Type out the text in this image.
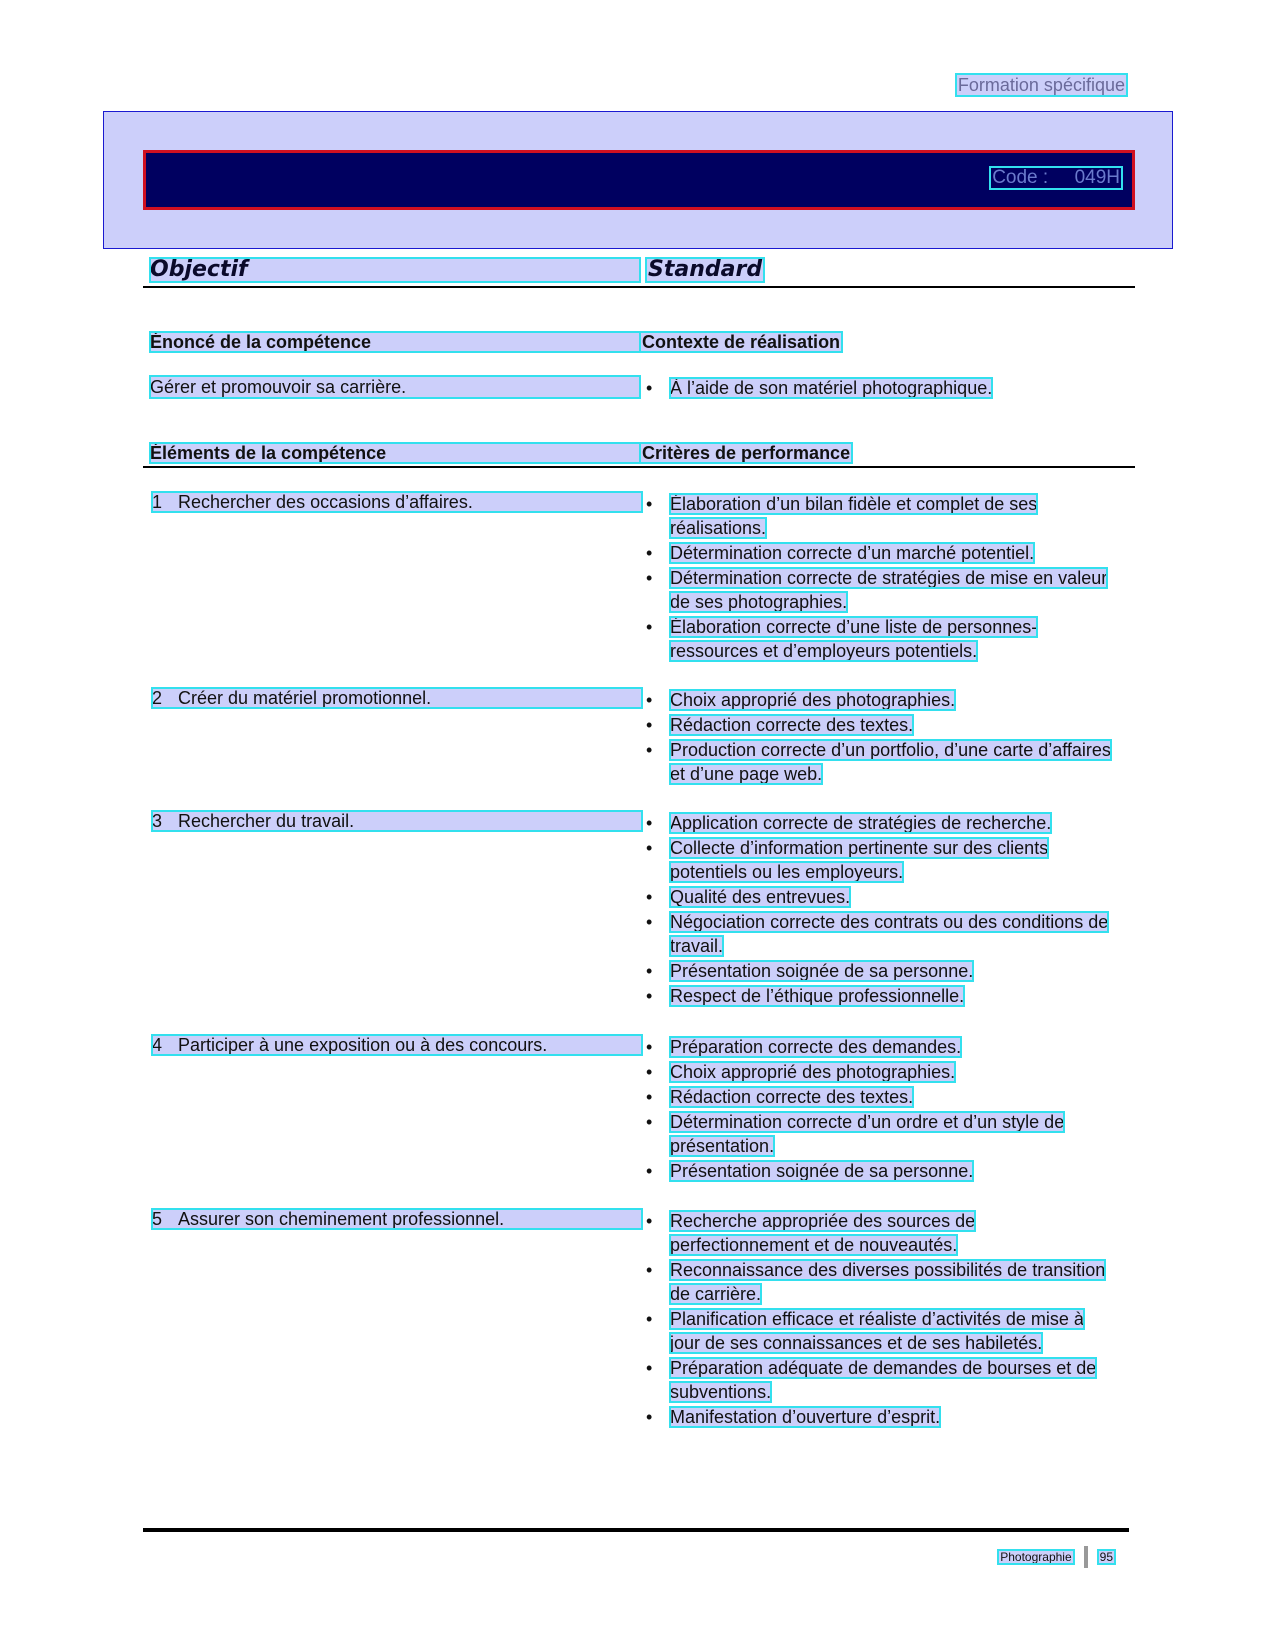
Formation spécifique
Code :     049H
Objectif	Standard
Énoncé de la compétence	Contexte de réalisation
Gérer et promouvoir sa carrière.	• À l’aide de son matériel photographique.
Éléments de la compétence	Critères de performance
1 Rechercher des occasions d’affaires.	• Élaboration d’un bilan fidèle et complet de ses réalisations.
• Détermination correcte d’un marché potentiel.
• Détermination correcte de stratégies de mise en valeur de ses photographies.
• Élaboration correcte d’une liste de personnes-ressources et d’employeurs potentiels.
2 Créer du matériel promotionnel.	• Choix approprié des photographies.
• Rédaction correcte des textes.
• Production correcte d’un portfolio, d’une carte d’affaires et d’une page web.
3 Rechercher du travail.	• Application correcte de stratégies de recherche.
• Collecte d’information pertinente sur des clients potentiels ou les employeurs.
• Qualité des entrevues.
• Négociation correcte des contrats ou des conditions de travail.
• Présentation soignée de sa personne.
• Respect de l’éthique professionnelle.
4 Participer à une exposition ou à des concours.	• Préparation correcte des demandes.
• Choix approprié des photographies.
• Rédaction correcte des textes.
• Détermination correcte d’un ordre et d’un style de présentation.
• Présentation soignée de sa personne.
5 Assurer son cheminement professionnel.	• Recherche appropriée des sources de perfectionnement et de nouveautés.
• Reconnaissance des diverses possibilités de transition de carrière.
• Planification efficace et réaliste d’activités de mise à jour de ses connaissances et de ses habiletés.
• Préparation adéquate de demandes de bourses et de subventions.
• Manifestation d’ouverture d’esprit.
Photographie 95
